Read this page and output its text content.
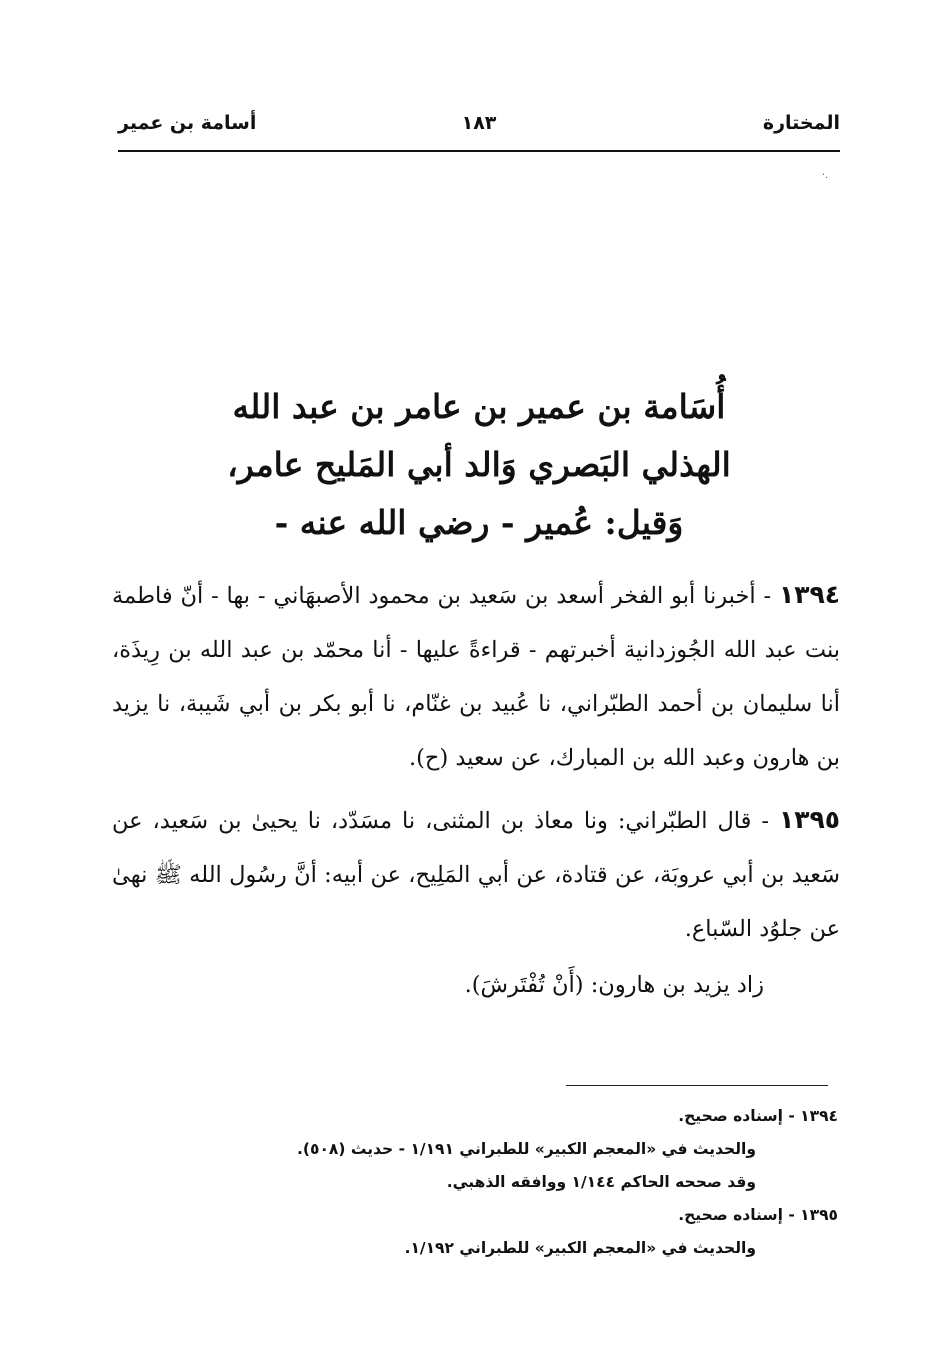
المختارة
١٨٣
أسامة بن عمير
·.
أُسَامة بن عمير بن عامر بن عبد الله
الهذلي البَصري وَالد أبي المَليح عامر،
وَقيل: عُمير - رضي الله عنه -

١٣٩٤ - أخبرنا أبو الفخر أسعد بن سَعيد بن محمود الأصبهَاني - بها - أنّ فاطمة بنت عبد الله الجُوزدانية أخبرتهم - قراءةً عليها - أنا محمّد بن عبد الله بن رِيذَة، أنا سليمان بن أحمد الطبّراني، نا عُبيد بن غنّام، نا أبو بكر بن أبي شَيبة، نا يزيد بن هارون وعبد الله بن المبارك، عن سعيد (ح).

١٣٩٥ - قال الطبّراني: ونا معاذ بن المثنى، نا مسَدّد، نا يحيىٰ بن سَعيد، عن سَعيد بن أبي عروبَة، عن قتادة، عن أبي المَلِيح، عن أبيه: أنَّ رسُول الله ﷺ نهىٰ عن جلوُد السّباع.

زاد يزيد بن هارون: (أَنْ تُفْتَرشَ).

١٣٩٤ - إسناده صحيح.
والحديث في «المعجم الكبير» للطبراني ١/١٩١ - حديث (٥٠٨).
وقد صححه الحاكم ١/١٤٤ ووافقه الذهبي.
١٣٩٥ - إسناده صحيح.
والحديث في «المعجم الكبير» للطبراني ١/١٩٢.
